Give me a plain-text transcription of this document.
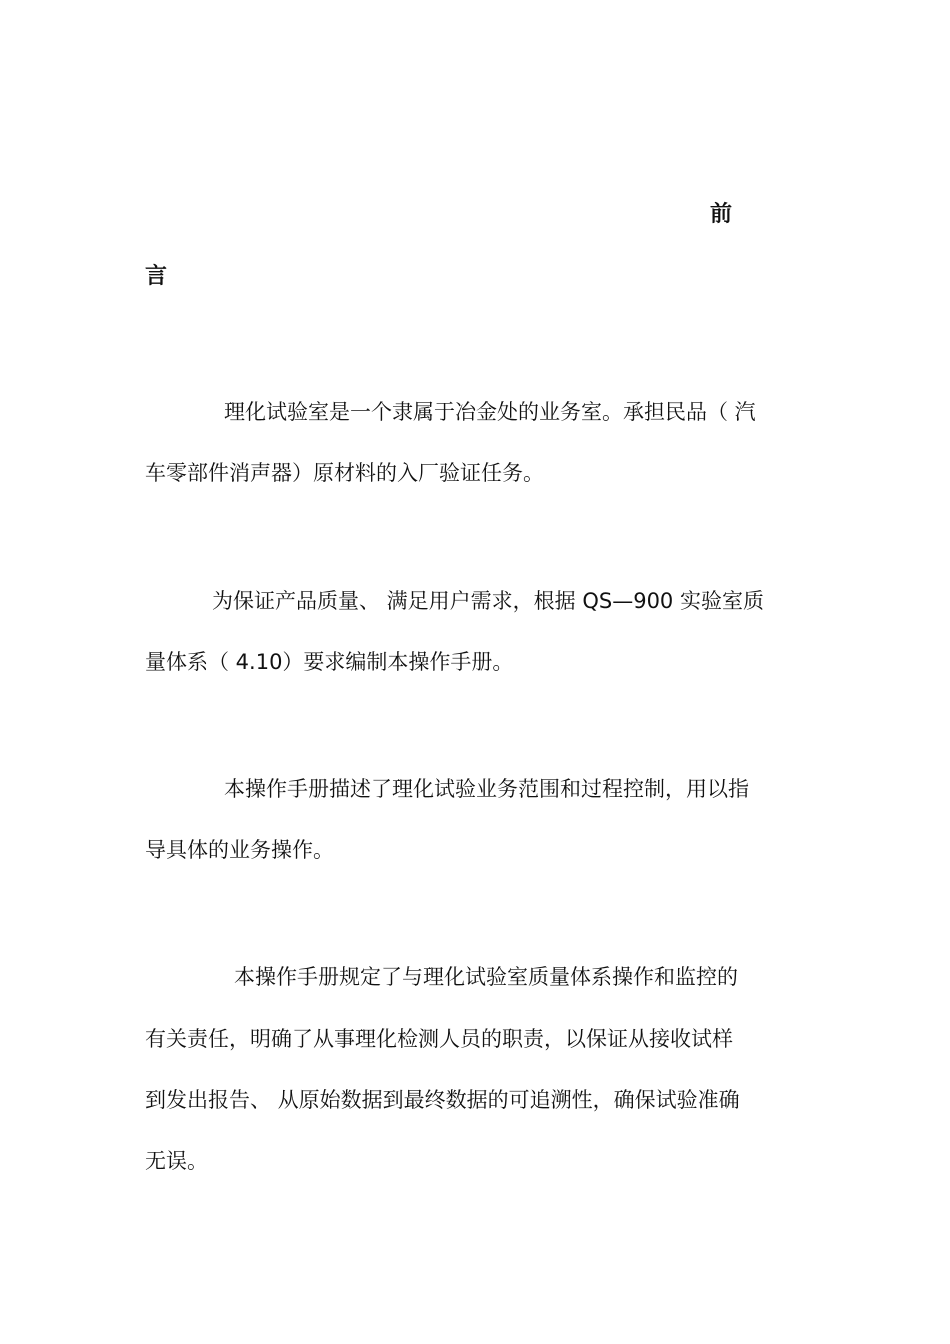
前
言
理化试验室是一个隶属于冶金处的业务室。承担民品（ 汽
车零部件消声器）原材料的入厂验证任务。
为保证产品质量、 满足用户需求，根据 QS—900 实验室质
量体系（ 4.10）要求编制本操作手册。
本操作手册描述了理化试验业务范围和过程控制，用以指
导具体的业务操作。
本操作手册规定了与理化试验室质量体系操作和监控的
有关责任，明确了从事理化检测人员的职责，以保证从接收试样
到发出报告、 从原始数据到最终数据的可追溯性，确保试验准确
无误。
